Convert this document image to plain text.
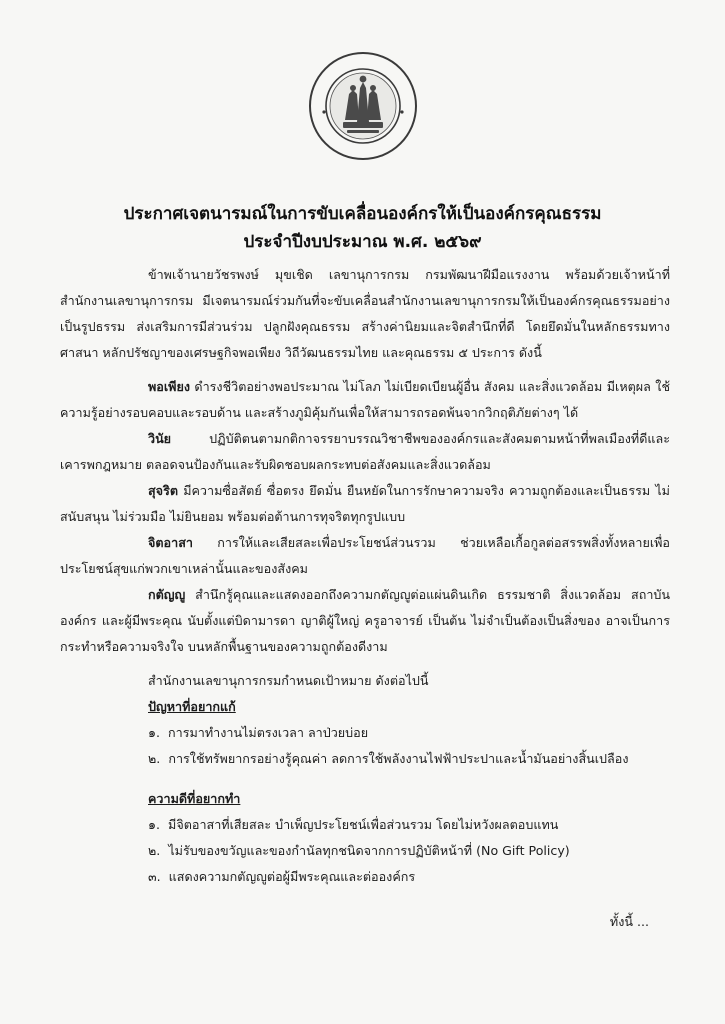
ประกาศเจตนารมณ์ในการขับเคลื่อนองค์กรให้เป็นองค์กรคุณธรรม
ประจำปีงบประมาณ พ.ศ. ๒๕๖๙

ข้าพเจ้านายวัชรพงษ์ มุขเชิด เลขานุการกรม กรมพัฒนาฝีมือแรงงาน พร้อมด้วยเจ้าหน้าที่สำนักงานเลขานุการกรม มีเจตนารมณ์ร่วมกันที่จะขับเคลื่อนสำนักงานเลขานุการกรมให้เป็นองค์กรคุณธรรมอย่างเป็นรูปธรรม ส่งเสริมการมีส่วนร่วม ปลูกฝังคุณธรรม สร้างค่านิยมและจิตสำนึกที่ดี โดยยึดมั่นในหลักธรรมทางศาสนา หลักปรัชญาของเศรษฐกิจพอเพียง วิถีวัฒนธรรมไทย และคุณธรรม ๕ ประการ ดังนี้

พอเพียง ดำรงชีวิตอย่างพอประมาณ ไม่โลภ ไม่เบียดเบียนผู้อื่น สังคม และสิ่งแวดล้อม มีเหตุผล ใช้ความรู้อย่างรอบคอบและรอบด้าน และสร้างภูมิคุ้มกันเพื่อให้สามารถรอดพ้นจากวิกฤติภัยต่างๆ ได้

วินัย ปฏิบัติตนตามกติกาจรรยาบรรณวิชาชีพขององค์กรและสังคมตามหน้าที่พลเมืองที่ดีและเคารพกฎหมาย ตลอดจนป้องกันและรับผิดชอบผลกระทบต่อสังคมและสิ่งแวดล้อม

สุจริต มีความซื่อสัตย์ ซื่อตรง ยึดมั่น ยืนหยัดในการรักษาความจริง ความถูกต้องและเป็นธรรม ไม่สนับสนุน ไม่ร่วมมือ ไม่ยินยอม พร้อมต่อต้านการทุจริตทุกรูปแบบ

จิตอาสา การให้และเสียสละเพื่อประโยชน์ส่วนรวม ช่วยเหลือเกื้อกูลต่อสรรพสิ่งทั้งหลายเพื่อประโยชน์สุขแก่พวกเขาเหล่านั้นและของสังคม

กตัญญู สำนึกรู้คุณและแสดงออกถึงความกตัญญูต่อแผ่นดินเกิด ธรรมชาติ สิ่งแวดล้อม สถาบันองค์กร และผู้มีพระคุณ นับตั้งแต่บิดามารดา ญาติผู้ใหญ่ ครูอาจารย์ เป็นต้น ไม่จำเป็นต้องเป็นสิ่งของ อาจเป็นการกระทำหรือความจริงใจ บนหลักพื้นฐานของความถูกต้องดีงาม

สำนักงานเลขานุการกรมกำหนดเป้าหมาย ดังต่อไปนี้

ปัญหาที่อยากแก้

๑. การมาทำงานไม่ตรงเวลา ลาป่วยบ่อย

๒. การใช้ทรัพยากรอย่างรู้คุณค่า ลดการใช้พลังงานไฟฟ้าประปาและน้ำมันอย่างสิ้นเปลือง

ความดีที่อยากทำ

๑. มีจิตอาสาที่เสียสละ บำเพ็ญประโยชน์เพื่อส่วนรวม โดยไม่หวังผลตอบแทน

๒. ไม่รับของขวัญและของกำนัลทุกชนิดจากการปฏิบัติหน้าที่ (No Gift Policy)

๓. แสดงความกตัญญูต่อผู้มีพระคุณและต่อองค์กร

ทั้งนี้ ...
